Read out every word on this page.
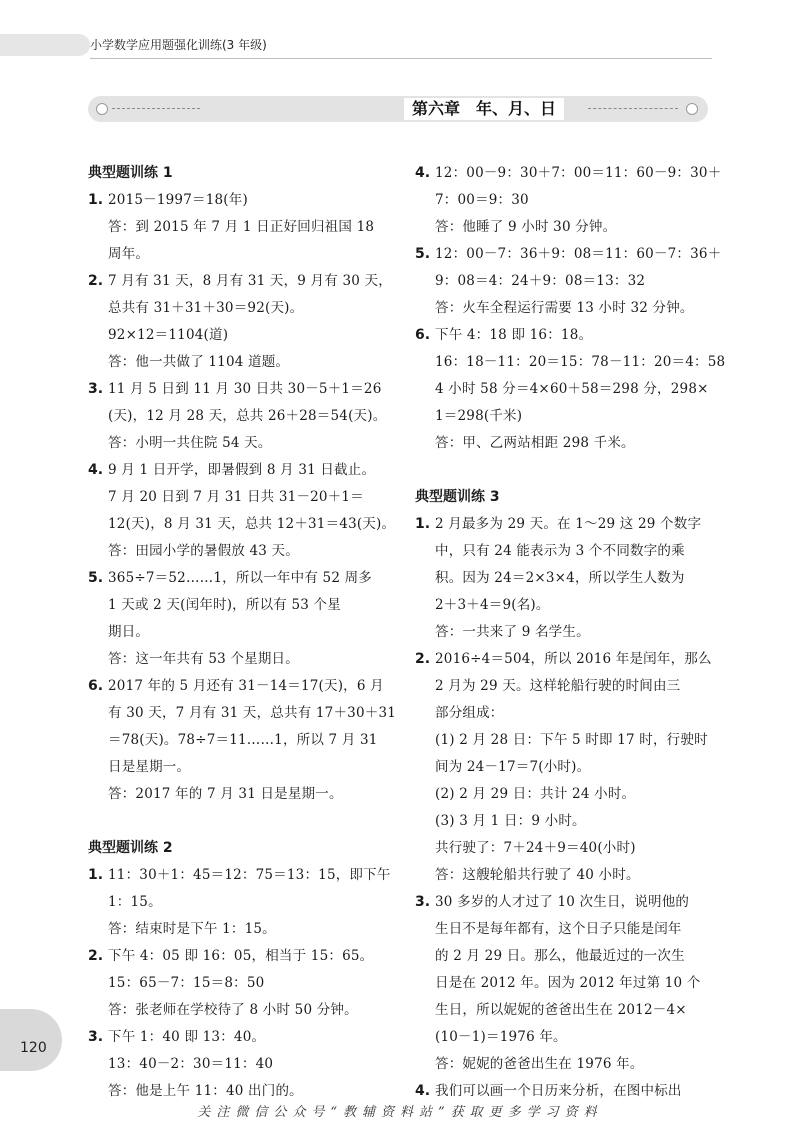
小学数学应用题强化训练(3 年级)
第六章　年、月、日
典型题训练 1
1. 2015－1997＝18(年)
答：到 2015 年 7 月 1 日正好回归祖国 18
周年。
2. 7 月有 31 天，8 月有 31 天，9 月有 30 天，
总共有 31＋31＋30＝92(天)。
92×12＝1104(道)
答：他一共做了 1104 道题。
3. 11 月 5 日到 11 月 30 日共 30－5＋1＝26
(天)，12 月 28 天，总共 26＋28＝54(天)。
答：小明一共住院 54 天。
4. 9 月 1 日开学，即暑假到 8 月 31 日截止。
7 月 20 日到 7 月 31 日共 31－20＋1＝
12(天)，8 月 31 天，总共 12＋31＝43(天)。
答：田园小学的暑假放 43 天。
5. 365÷7＝52……1，所以一年中有 52 周多
1 天或 2 天(闰年时)，所以有 53 个星
期日。
答：这一年共有 53 个星期日。
6. 2017 年的 5 月还有 31－14＝17(天)，6 月
有 30 天，7 月有 31 天，总共有 17＋30＋31
＝78(天)。78÷7＝11……1，所以 7 月 31
日是星期一。
答：2017 年的 7 月 31 日是星期一。
典型题训练 2
1. 11：30＋1：45＝12：75＝13：15，即下午
1：15。
答：结束时是下午 1：15。
2. 下午 4：05 即 16：05，相当于 15：65。
15：65－7：15＝8：50
答：张老师在学校待了 8 小时 50 分钟。
3. 下午 1：40 即 13：40。
13：40－2：30＝11：40
答：他是上午 11：40 出门的。
4. 12：00－9：30＋7：00＝11：60－9：30＋
7：00＝9：30
答：他睡了 9 小时 30 分钟。
5. 12：00－7：36＋9：08＝11：60－7：36＋
9：08＝4：24＋9：08＝13：32
答：火车全程运行需要 13 小时 32 分钟。
6. 下午 4：18 即 16：18。
16：18－11：20＝15：78－11：20＝4：58
4 小时 58 分＝4×60＋58＝298 分，298×
1＝298(千米)
答：甲、乙两站相距 298 千米。
典型题训练 3
1. 2 月最多为 29 天。在 1～29 这 29 个数字
中，只有 24 能表示为 3 个不同数字的乘
积。因为 24＝2×3×4，所以学生人数为
2＋3＋4＝9(名)。
答：一共来了 9 名学生。
2. 2016÷4＝504，所以 2016 年是闰年，那么
2 月为 29 天。这样轮船行驶的时间由三
部分组成：
(1) 2 月 28 日：下午 5 时即 17 时，行驶时
间为 24－17＝7(小时)。
(2) 2 月 29 日：共计 24 小时。
(3) 3 月 1 日：9 小时。
共行驶了：7＋24＋9＝40(小时)
答：这艘轮船共行驶了 40 小时。
3. 30 多岁的人才过了 10 次生日，说明他的
生日不是每年都有，这个日子只能是闰年
的 2 月 29 日。那么，他最近过的一次生
日是在 2012 年。因为 2012 年过第 10 个
生日，所以妮妮的爸爸出生在 2012－4×
(10－1)＝1976 年。
答：妮妮的爸爸出生在 1976 年。
4. 我们可以画一个日历来分析，在图中标出
120
关注微信公众号“教辅资料站”获取更多学习资料
